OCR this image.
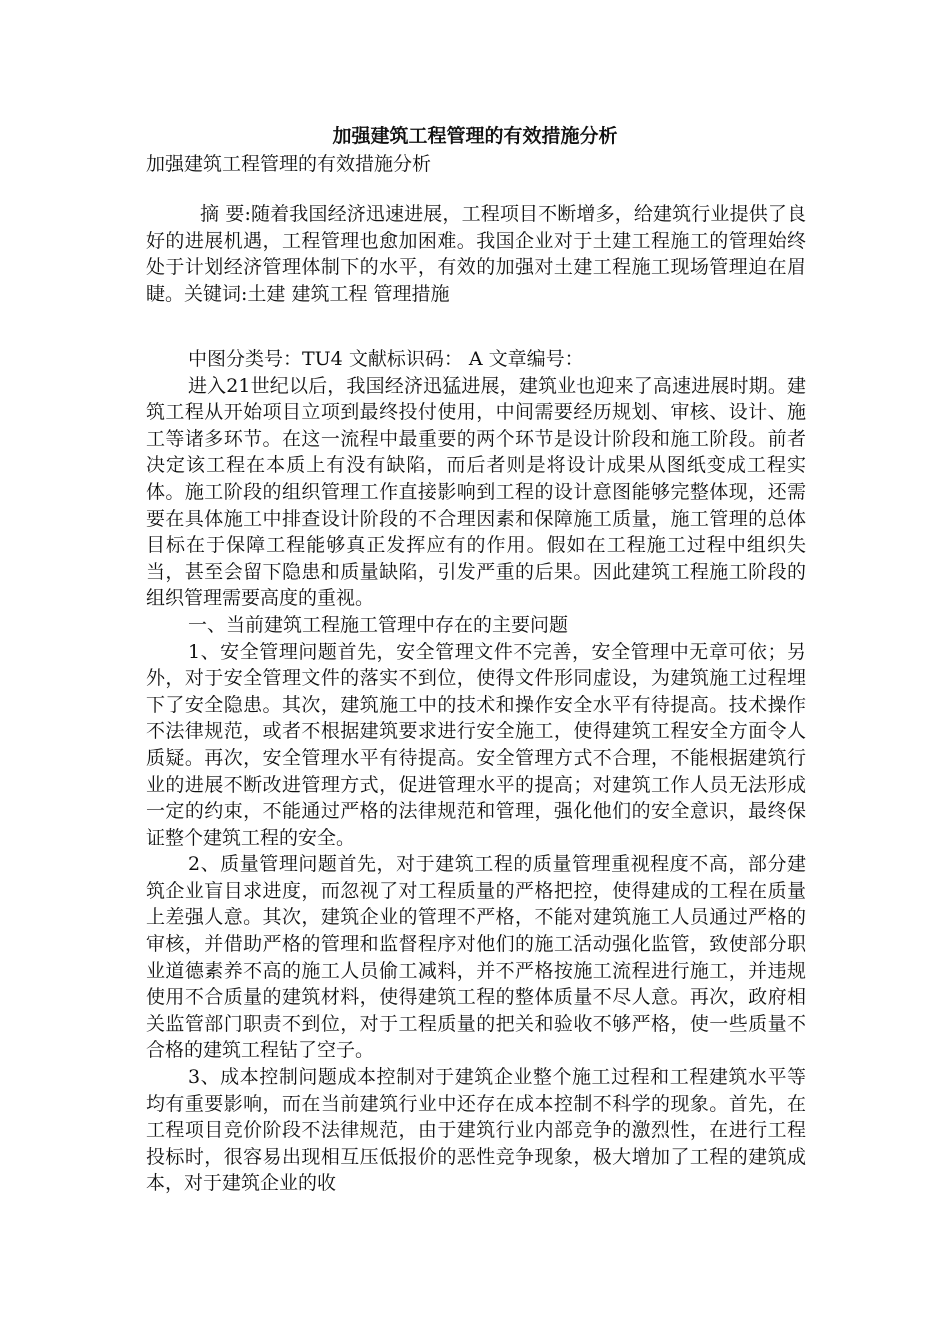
加强建筑工程管理的有效措施分析
加强建筑工程管理的有效措施分析

摘 要:随着我国经济迅速进展，工程项目不断增多，给建筑行业提供了良好的进展机遇，工程管理也愈加困难。我国企业对于土建工程施工的管理始终处于计划经济管理体制下的水平，有效的加强对土建工程施工现场管理迫在眉睫。关键词:土建 建筑工程 管理措施

中图分类号：TU4 文献标识码： A 文章编号：

进入21世纪以后，我国经济迅猛进展，建筑业也迎来了高速进展时期。建筑工程从开始项目立项到最终投付使用，中间需要经历规划、审核、设计、施工等诸多环节。在这一流程中最重要的两个环节是设计阶段和施工阶段。前者决定该工程在本质上有没有缺陷，而后者则是将设计成果从图纸变成工程实体。施工阶段的组织管理工作直接影响到工程的设计意图能够完整体现，还需要在具体施工中排查设计阶段的不合理因素和保障施工质量，施工管理的总体目标在于保障工程能够真正发挥应有的作用。假如在工程施工过程中组织失当，甚至会留下隐患和质量缺陷，引发严重的后果。因此建筑工程施工阶段的组织管理需要高度的重视。

一、当前建筑工程施工管理中存在的主要问题

1、安全管理问题首先，安全管理文件不完善，安全管理中无章可依；另外，对于安全管理文件的落实不到位，使得文件形同虚设，为建筑施工过程埋下了安全隐患。其次，建筑施工中的技术和操作安全水平有待提高。技术操作不法律规范，或者不根据建筑要求进行安全施工，使得建筑工程安全方面令人质疑。再次，安全管理水平有待提高。安全管理方式不合理，不能根据建筑行业的进展不断改进管理方式，促进管理水平的提高；对建筑工作人员无法形成一定的约束，不能通过严格的法律规范和管理，强化他们的安全意识，最终保证整个建筑工程的安全。

2、质量管理问题首先，对于建筑工程的质量管理重视程度不高，部分建筑企业盲目求进度，而忽视了对工程质量的严格把控，使得建成的工程在质量上差强人意。其次，建筑企业的管理不严格，不能对建筑施工人员通过严格的审核，并借助严格的管理和监督程序对他们的施工活动强化监管，致使部分职业道德素养不高的施工人员偷工减料，并不严格按施工流程进行施工，并违规使用不合质量的建筑材料，使得建筑工程的整体质量不尽人意。再次，政府相关监管部门职责不到位，对于工程质量的把关和验收不够严格，使一些质量不合格的建筑工程钻了空子。

3、成本控制问题成本控制对于建筑企业整个施工过程和工程建筑水平等均有重要影响，而在当前建筑行业中还存在成本控制不科学的现象。首先，在工程项目竞价阶段不法律规范，由于建筑行业内部竞争的激烈性，在进行工程投标时，很容易出现相互压低报价的恶性竞争现象，极大增加了工程的建筑成本，对于建筑企业的收
